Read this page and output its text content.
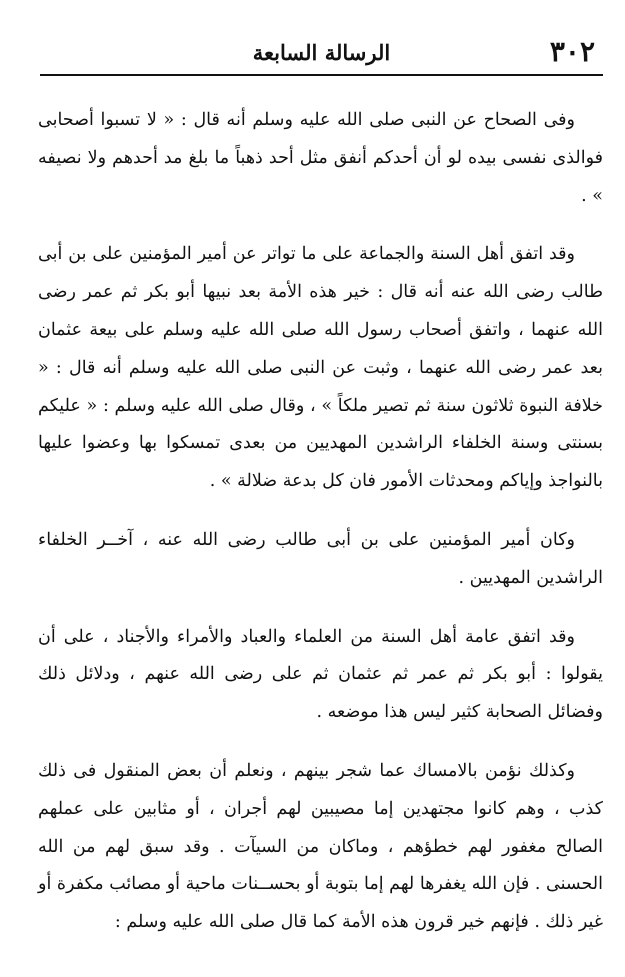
٣٠٢
الرسالة السابعة

وفى الصحاح عن النبى صلى الله عليه وسلم أنه قال : « لا تسبوا أصحابى فوالذى نفسى بيده لو أن أحدكم أنفق مثل أحد ذهباً ما بلغ مد أحدهم ولا نصيفه » .

وقد اتفق أهل السنة والجماعة على ما تواتر عن أمير المؤمنين على بن أبى طالب رضى الله عنه أنه قال : خير هذه الأمة بعد نبيها أبو بكر ثم عمر رضى الله عنهما ، واتفق أصحاب رسول الله صلى الله عليه وسلم على بيعة عثمان بعد عمر رضى الله عنهما ، وثبت عن النبى صلى الله عليه وسلم أنه قال : « خلافة النبوة ثلاثون سنة ثم تصير ملكاً » ، وقال صلى الله عليه وسلم : « عليكم بسنتى وسنة الخلفاء الراشدين المهديين من بعدى تمسكوا بها وعضوا عليها بالنواجذ وإياكم ومحدثات الأمور فان كل بدعة ضلالة » .

وكان أمير المؤمنين على بن أبى طالب رضى الله عنه ، آخــر الخلفاء الراشدين المهديين .

وقد اتفق عامة أهل السنة من العلماء والعباد والأمراء والأجناد ، على أن يقولوا : أبو بكر ثم عمر ثم عثمان ثم على رضى الله عنهم ، ودلائل ذلك وفضائل الصحابة كثير ليس هذا موضعه .

وكذلك نؤمن بالامساك عما شجر بينهم ، ونعلم أن بعض المنقول فى ذلك كذب ، وهم كانوا مجتهدين إما مصيبين لهم أجران ، أو مثابين على عملهم الصالح مغفور لهم خطؤهم ، وماكان من السيآت . وقد سبق لهم من الله الحسنى . فإن الله يغفرها لهم إما بتوبة أو بحســنات ماحية أو مصائب مكفرة أو غير ذلك . فإنهم خير قرون هذه الأمة كما قال صلى الله عليه وسلم :
